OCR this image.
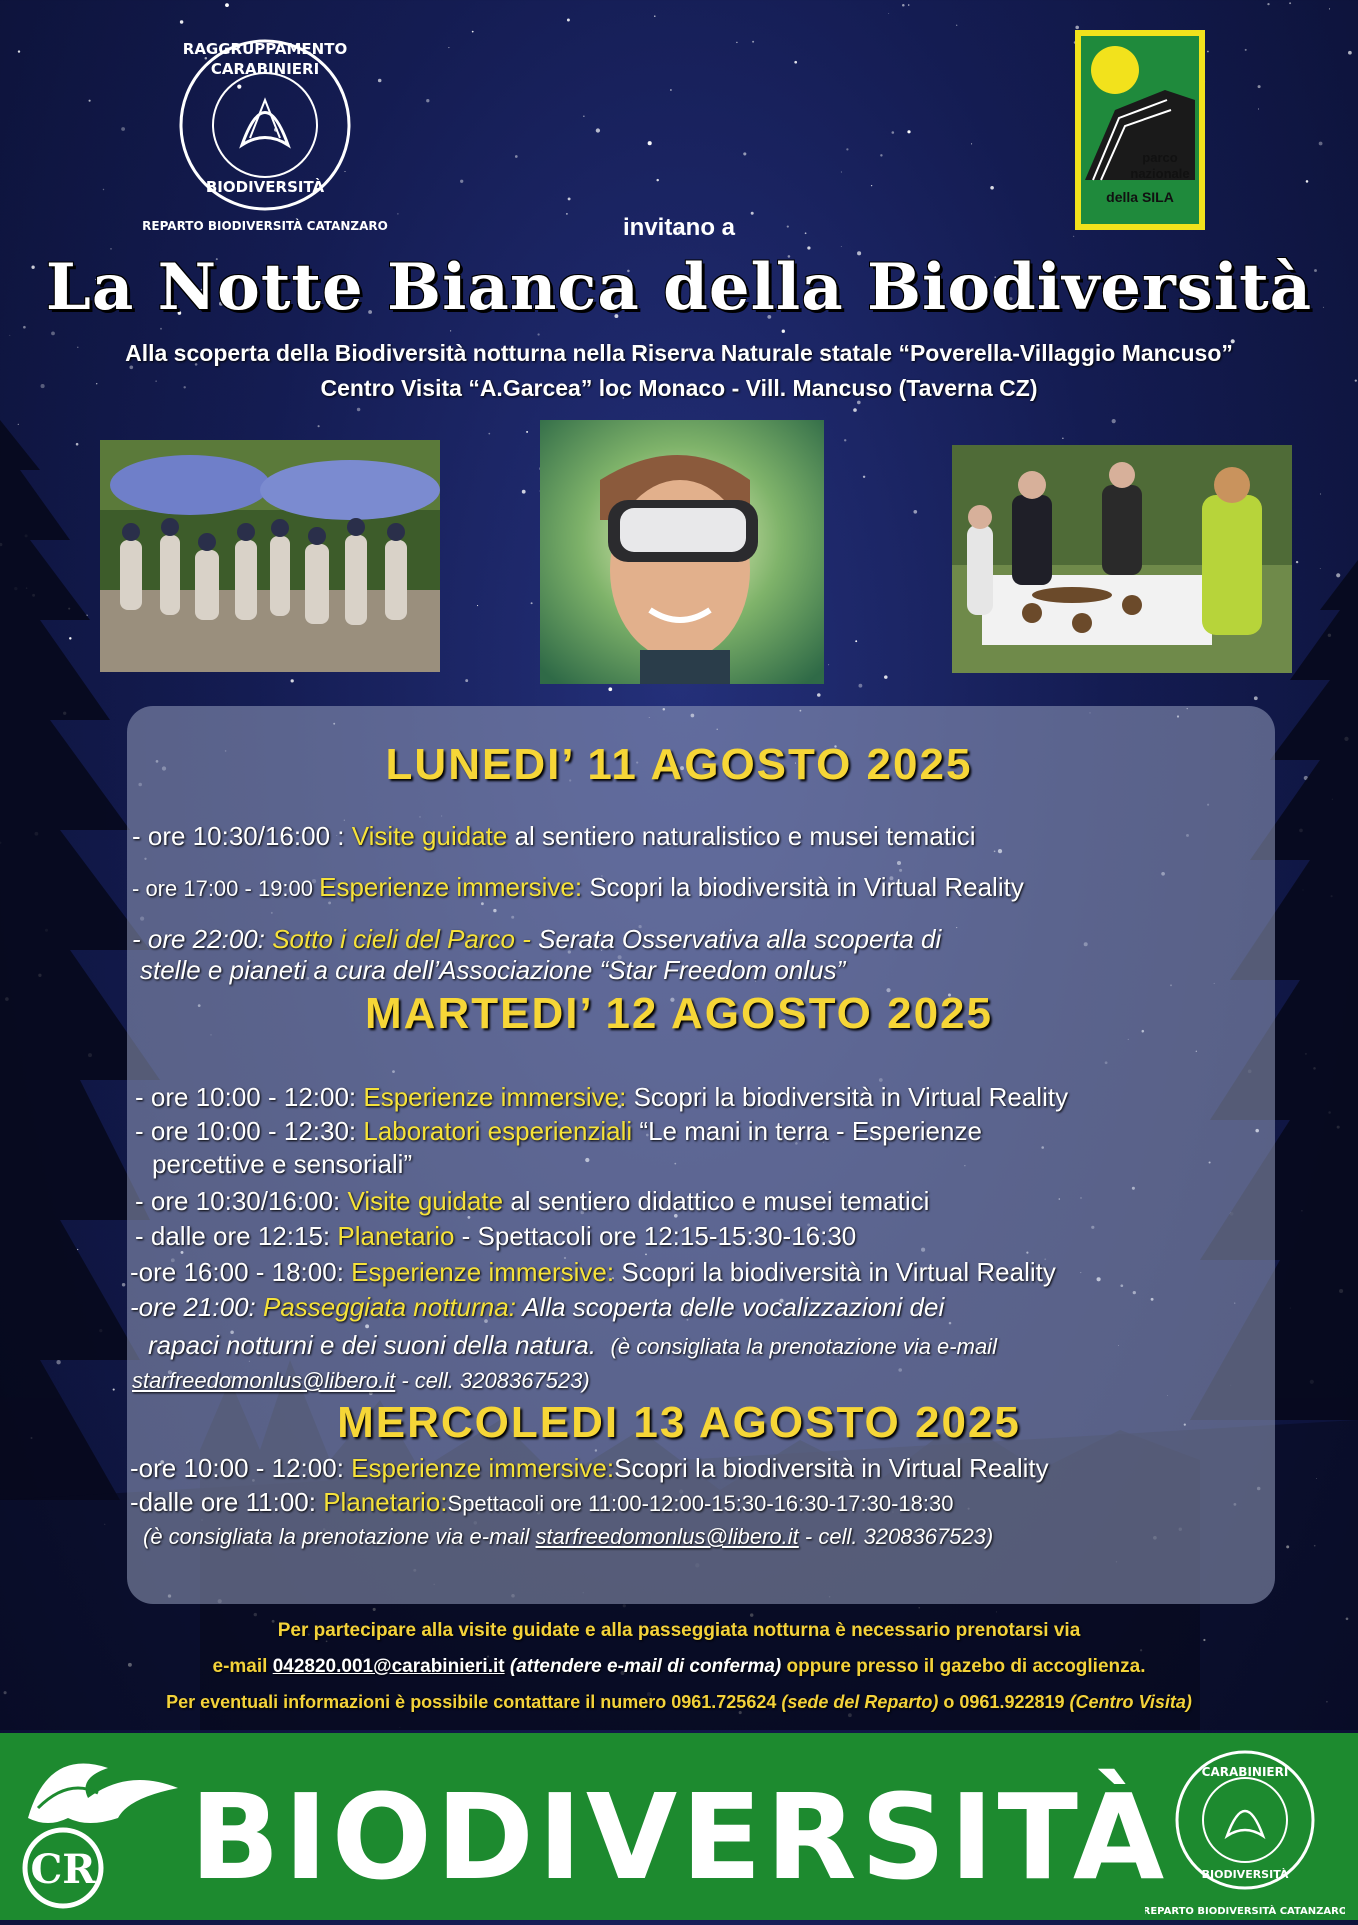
RAGGRUPPAMENTO
CARABINIERI
BIODIVERSITÀ
REPARTO BIODIVERSITÀ CATANZARO
parco
nazionale
della SILA
invitano a
La Notte Bianca della Biodiversità
Alla scoperta della Biodiversità notturna nella Riserva Naturale statale “Poverella-Villaggio Mancuso”
Centro Visita “A.Garcea” loc Monaco - Vill. Mancuso (Taverna CZ)
LUNEDI’ 11 AGOSTO 2025
- ore 10:30/16:00 : Visite guidate al sentiero naturalistico e musei tematici
- ore 17:00 - 19:00 Esperienze immersive: Scopri la biodiversità in Virtual Reality
- ore 22:00: Sotto i cieli del Parco - Serata Osservativa alla scoperta di
stelle e pianeti a cura dell’Associazione “Star Freedom onlus”
MARTEDI’ 12 AGOSTO 2025
- ore 10:00 - 12:00: Esperienze immersive: Scopri la biodiversità in Virtual Reality
- ore 10:00 - 12:30: Laboratori esperienziali “Le mani in terra - Esperienze
percettive e sensoriali”
- ore 10:30/16:00: Visite guidate al sentiero didattico e musei tematici
- dalle ore 12:15: Planetario - Spettacoli ore 12:15-15:30-16:30
-ore 16:00 - 18:00: Esperienze immersive: Scopri la biodiversità in Virtual Reality
-ore 21:00: Passeggiata notturna: Alla scoperta delle vocalizzazioni dei
rapaci notturni e dei suoni della natura. (è consigliata la prenotazione via e-mail
starfreedomonlus@libero.it - cell. 3208367523)
MERCOLEDI 13 AGOSTO 2025
-ore 10:00 - 12:00: Esperienze immersive:Scopri la biodiversità in Virtual Reality
-dalle ore 11:00: Planetario:Spettacoli ore 11:00-12:00-15:30-16:30-17:30-18:30
(è consigliata la prenotazione via e-mail starfreedomonlus@libero.it - cell. 3208367523)
Per partecipare alla visite guidate e alla passeggiata notturna è necessario prenotarsi via
e-mail 042820.001@carabinieri.it (attendere e-mail di conferma) oppure presso il gazebo di accoglienza.
Per eventuali informazioni è possibile contattare il numero 0961.725624 (sede del Reparto) o 0961.922819 (Centro Visita)
CR BIODIVERSITÀ	CARABINIERI
BIODIVERSITÀ
REPARTO BIODIVERSITÀ CATANZARO
